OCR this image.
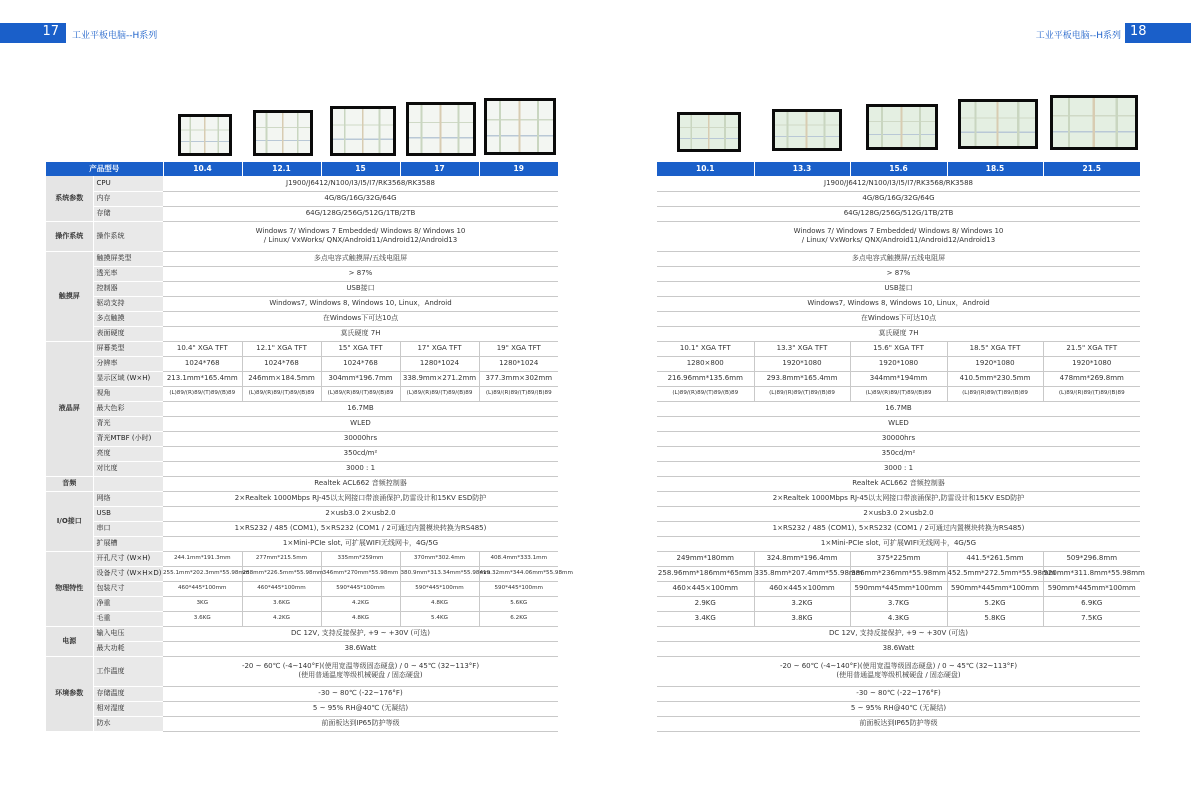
17 工业平板电脑--H系列	工业平板电脑--H系列 18
产品型号		10.4	12.1	15	17	19
系统参数	CPU	J1900/J6412/N100/I3/I5/I7/RK3568/RK3588				
	内存	4G/8G/16G/32G/64G				
	存储	64G/128G/256G/512G/1TB/2TB				
操作系统	操作系统	Windows 7/ Windows 7 Embedded/ Windows 8/ Windows 10
/ Linux/ VxWorks/ QNX/Android11/Android12/Android13				

触摸屏	触摸屏类型	多点电容式触摸屏/五线电阻屏				
	透光率	> 87%				
	控制器	USB接口				
	驱动支持	Windows7, Windows 8, Windows 10, Linux，Android				
	多点触摸	在Windows下可达10点				
	表面硬度	莫氏硬度 7H				
液晶屏	屏幕类型	10.4" XGA TFT	12.1" XGA TFT	15" XGA TFT	17" XGA TFT	19" XGA TFT
	分辨率	1024*768	1024*768	1024*768	1280*1024	1280*1024
	显示区域 (W×H)	213.1mm*165.4mm	246mm×184.5mm	304mm*196.7mm	338.9mm×271.2mm	377.3mm×302mm
	视角	(L)89/(R)89/(T)89/(B)89	(L)89/(R)89/(T)89/(B)89	(L)89/(R)89/(T)89/(B)89	(L)89/(R)89/(T)89/(B)89	(L)89/(R)89/(T)89/(B)89
	最大色彩	16.7MB				
	背光	WLED				
	背光MTBF (小时)	30000hrs				
	亮度	350cd/m²				
	对比度	3000 : 1				
音频		Realtek ACL662 音频控制器				
I/O接口	网络	2×Realtek 1000Mbps RJ-45以太网接口带浪涌保护,防雷设计和15KV ESD防护				
	USB	2×usb3.0 2×usb2.0				
	串口	1×RS232 / 485 (COM1), 5×RS232 (COM1 / 2可通过内置模块转换为RS485)				
	扩展槽	1×Mini-PCIe slot, 可扩展WIFI无线网卡，4G/5G				
物理特性	开孔尺寸 (W×H)	244.1mm*191.3mm	277mm*215.5mm	335mm*259mm	370mm*302.4mm	408.4mm*333.1mm
	设备尺寸 (W×H×D)	255.1mm*202.3mm*55.98mm	288mm*226.5mm*55.98mm	346mm*270mm*55.98mm	380.9mm*313.34mm*55.98mm	419.32mm*344.06mm*55.98mm
	包装尺寸	460*445*100mm	460*445*100mm	590*445*100mm	590*445*100mm	590*445*100mm
	净重	3KG	3.6KG	4.2KG	4.8KG	5.6KG
	毛重	3.6KG	4.2KG	4.8KG	5.4KG	6.2KG
电源	输入电压	DC 12V, 支持反接保护, +9 ~ +30V (可选)				
	最大功耗	38.6Watt				
环境参数	工作温度	-20 ~ 60℃ (-4~140°F)(使用宽温等级固态硬盘) / 0 ~ 45℃ (32~113°F)
(使用普通温度等级机械硬盘 / 固态硬盘)				

	存储温度	-30 ~ 80℃ (-22~176°F)				
	相对湿度	5 ~ 95% RH@40℃ (无凝结)				
	防水	前面板达到IP65防护等级				
10.1	13.3	15.6	18.5	21.5
J1900/J6412/N100/I3/I5/I7/RK3568/RK3588				
4G/8G/16G/32G/64G				
64G/128G/256G/512G/1TB/2TB				

Windows 7/ Windows 7 Embedded/ Windows 8/ Windows 10
/ Linux/ VxWorks/ QNX/Android11/Android12/Android13				

多点电容式触摸屏/五线电阻屏				
> 87%				
USB接口				
Windows7, Windows 8, Windows 10, Linux，Android				
在Windows下可达10点				
莫氏硬度 7H				
10.1" XGA TFT	13.3" XGA TFT	15.6" XGA TFT	18.5" XGA TFT	21.5" XGA TFT
1280×800	1920*1080	1920*1080	1920*1080	1920*1080
216.96mm*135.6mm	293.8mm*165.4mm	344mm*194mm	410.5mm*230.5mm	478mm*269.8mm
(L)89/(R)89/(T)89/(B)89	(L)89/(R)89/(T)89/(B)89	(L)89/(R)89/(T)89/(B)89	(L)89/(R)89/(T)89/(B)89	(L)89/(R)89/(T)89/(B)89
16.7MB				
WLED				
30000hrs				
350cd/m²				
3000 : 1				
Realtek ACL662 音频控制器				
2×Realtek 1000Mbps RJ-45以太网接口带浪涌保护,防雷设计和15KV ESD防护				
2×usb3.0 2×usb2.0				
1×RS232 / 485 (COM1), 5×RS232 (COM1 / 2可通过内置模块转换为RS485)				
1×Mini-PCIe slot, 可扩展WIFI无线网卡，4G/5G				
249mm*180mm	324.8mm*196.4mm	375*225mm	441.5*261.5mm	509*296.8mm
258.96mm*186mm*65mm	335.8mm*207.4mm*55.98mm	386mm*236mm*55.98mm	452.5mm*272.5mm*55.98mm	520mm*311.8mm*55.98mm
460×445×100mm	460×445×100mm	590mm*445mm*100mm	590mm*445mm*100mm	590mm*445mm*100mm
2.9KG	3.2KG	3.7KG	5.2KG	6.9KG
3.4KG	3.8KG	4.3KG	5.8KG	7.5KG
DC 12V, 支持反接保护, +9 ~ +30V (可选)				
38.6Watt				

-20 ~ 60℃ (-4~140°F)(使用宽温等级固态硬盘) / 0 ~ 45℃ (32~113°F)
(使用普通温度等级机械硬盘 / 固态硬盘)				

-30 ~ 80℃ (-22~176°F)				
5 ~ 95% RH@40℃ (无凝结)				
前面板达到IP65防护等级				
